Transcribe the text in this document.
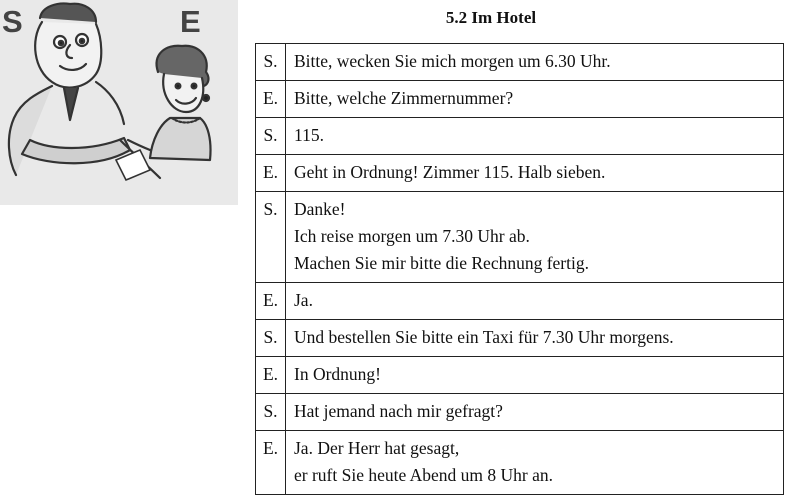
S	E	5.2 Im Hotel
S.	Bitte, wecken Sie mich morgen um 6.30 Uhr.

E.	Bitte, welche Zimmernummer?

S.	115.

E.	Geht in Ordnung! Zimmer 115. Halb sieben.

S.	Danke!
Ich reise morgen um 7.30 Uhr ab.
Machen Sie mir bitte die Rechnung fertig.

E.	Ja.

S.	Und bestellen Sie bitte ein Taxi für 7.30 Uhr morgens.

E.	In Ordnung!

S.	Hat jemand nach mir gefragt?

E.	Ja. Der Herr hat gesagt,
er ruft Sie heute Abend um 8 Uhr an.
